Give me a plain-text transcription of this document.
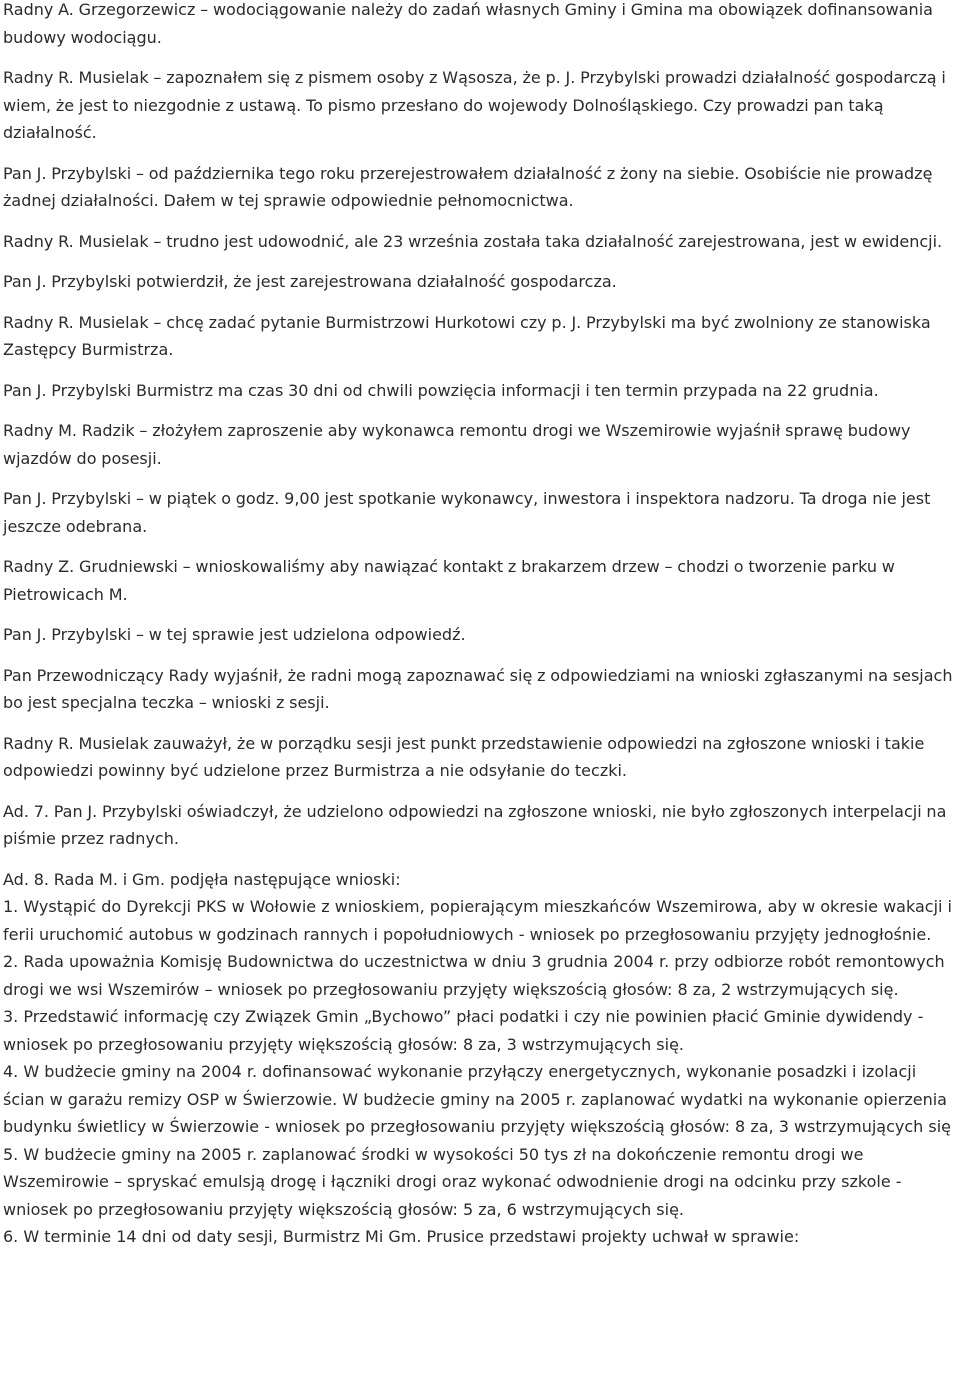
Radny A. Grzegorzewicz – wodociągowanie należy do zadań własnych Gminy i Gmina ma obowiązek dofinansowania budowy wodociągu.
Radny R. Musielak – zapoznałem się z pismem osoby z Wąsosza, że p. J. Przybylski prowadzi działalność gospodarczą i wiem, że jest to niezgodnie z ustawą. To pismo przesłano do wojewody Dolnośląskiego. Czy prowadzi pan taką działalność.
Pan J. Przybylski – od października tego roku przerejestrowałem działalność z żony na siebie. Osobiście nie prowadzę żadnej działalności. Dałem w tej sprawie odpowiednie pełnomocnictwa.
Radny R. Musielak – trudno jest udowodnić, ale 23 września została taka działalność zarejestrowana, jest w ewidencji.
Pan J. Przybylski potwierdził, że jest zarejestrowana działalność gospodarcza.
Radny R. Musielak – chcę zadać pytanie Burmistrzowi Hurkotowi czy p. J. Przybylski ma być zwolniony ze stanowiska Zastępcy Burmistrza.
Pan J. Przybylski Burmistrz ma czas 30 dni od chwili powzięcia informacji i ten termin przypada na 22 grudnia.
Radny M. Radzik – złożyłem zaproszenie aby wykonawca remontu drogi we Wszemirowie wyjaśnił sprawę budowy wjazdów do posesji.
Pan J. Przybylski – w piątek o godz. 9,00 jest spotkanie wykonawcy, inwestora i inspektora nadzoru. Ta droga nie jest jeszcze odebrana.
Radny Z. Grudniewski – wnioskowaliśmy aby nawiązać kontakt z brakarzem drzew – chodzi o tworzenie parku w Pietrowicach M.
Pan J. Przybylski – w tej sprawie jest udzielona odpowiedź.
Pan Przewodniczący Rady wyjaśnił, że radni mogą zapoznawać się z odpowiedziami na wnioski zgłaszanymi na sesjach bo jest specjalna teczka – wnioski z sesji.
Radny R. Musielak zauważył, że w porządku sesji jest punkt przedstawienie odpowiedzi na zgłoszone wnioski i takie odpowiedzi powinny być udzielone przez Burmistrza a nie odsyłanie do teczki.
Ad. 7. Pan J. Przybylski oświadczył, że udzielono odpowiedzi na zgłoszone wnioski, nie było zgłoszonych interpelacji na piśmie przez radnych.
Ad. 8. Rada M. i Gm. podjęła następujące wnioski:
1. Wystąpić do Dyrekcji PKS w Wołowie z wnioskiem, popierającym mieszkańców Wszemirowa, aby w okresie wakacji i ferii uruchomić autobus w godzinach rannych i popołudniowych - wniosek po przegłosowaniu przyjęty jednogłośnie.
2. Rada upoważnia Komisję Budownictwa do uczestnictwa w dniu 3 grudnia 2004 r. przy odbiorze robót remontowych drogi we wsi Wszemirów – wniosek po przegłosowaniu przyjęty większością głosów: 8 za, 2 wstrzymujących się.
3. Przedstawić informację czy Związek Gmin „Bychowo” płaci podatki i czy nie powinien płacić Gminie dywidendy - wniosek po przegłosowaniu przyjęty większością głosów: 8 za, 3 wstrzymujących się.
4. W budżecie gminy na 2004 r. dofinansować wykonanie przyłączy energetycznych, wykonanie posadzki i izolacji ścian w garażu remizy OSP w Świerzowie. W budżecie gminy na 2005 r. zaplanować wydatki na wykonanie opierzenia budynku świetlicy w Świerzowie - wniosek po przegłosowaniu przyjęty większością głosów: 8 za, 3 wstrzymujących się
5. W budżecie gminy na 2005 r. zaplanować środki w wysokości 50 tys zł na dokończenie remontu drogi we Wszemirowie – spryskać emulsją drogę i łączniki drogi oraz wykonać odwodnienie drogi na odcinku przy szkole - wniosek po przegłosowaniu przyjęty większością głosów: 5 za, 6 wstrzymujących się.
6. W terminie 14 dni od daty sesji, Burmistrz Mi Gm. Prusice przedstawi projekty uchwał w sprawie:
